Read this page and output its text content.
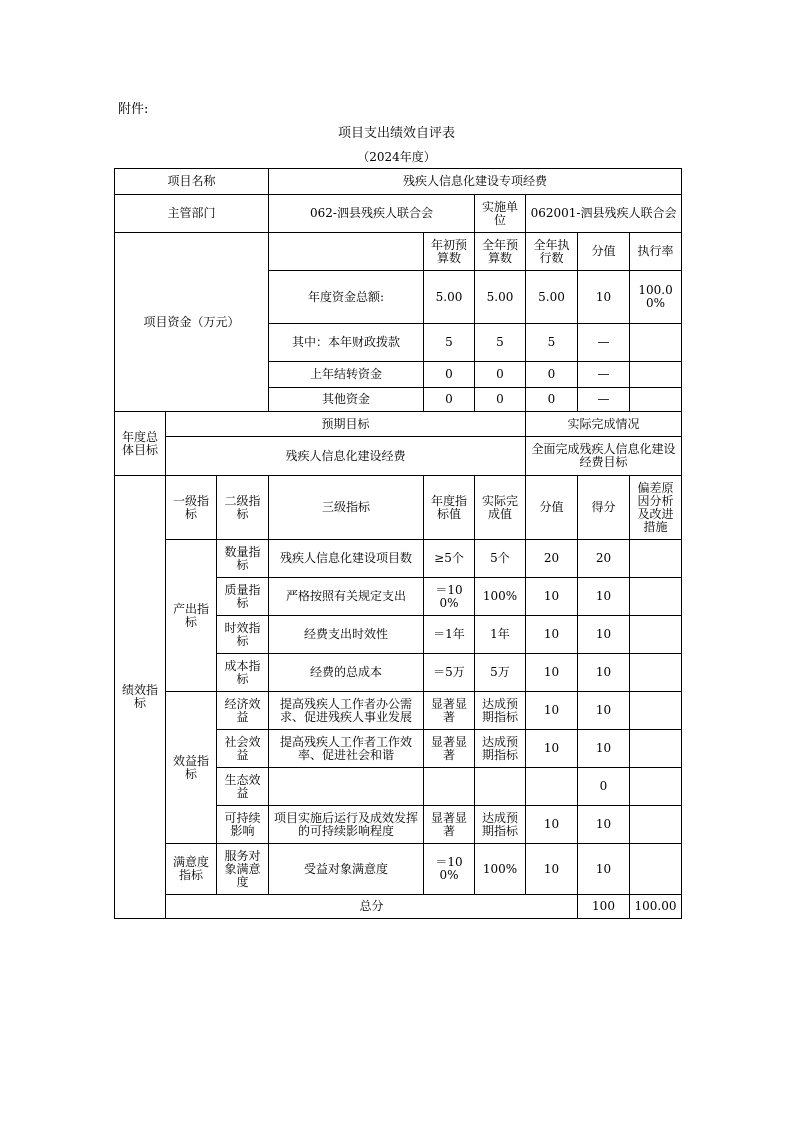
附件:
项目支出绩效自评表
（2024年度）
项目名称			残疾人信息化建设专项经费						
主管部门			062-泗县残疾人联合会		实施单位	062001-泗县残疾人联合会			
项目资金（万元）				年初预算数	全年预算数	全年执行数	分值	执行率	
			年度资金总额:	5.00	5.00	5.00	10	100.00%	
			其中：本年财政拨款	5	5	5	—		
			上年结转资金	0	0	0	—		
			其他资金	0	0	0	—		
年度总体目标	预期目标					实际完成情况			
	残疾人信息化建设经费					全面完成残疾人信息化建设经费目标			
绩效指标	一级指标	二级指标	三级指标	年度指标值	实际完成值	分值	得分	偏差原因分析及改进措施	
	产出指标	数量指标	残疾人信息化建设项目数	≥5个	5个	20	20		
		质量指标	严格按照有关规定支出	＝100%	100%	10	10		
		时效指标	经费支出时效性	＝1年	1年	10	10		
		成本指标	经费的总成本	＝5万	5万	10	10		
	效益指标	经济效益	提高残疾人工作者办公需求、促进残疾人事业发展	显著显著	达成预期指标	10	10		
		社会效益	提高残疾人工作者工作效率、促进社会和谐	显著显著	达成预期指标	10	10		
		生态效益					0		
		可持续影响	项目实施后运行及成效发挥的可持续影响程度	显著显著	达成预期指标	10	10		
	满意度指标	服务对象满意度	受益对象满意度	＝100%	100%	10	10		
	总分						100	100.00	
